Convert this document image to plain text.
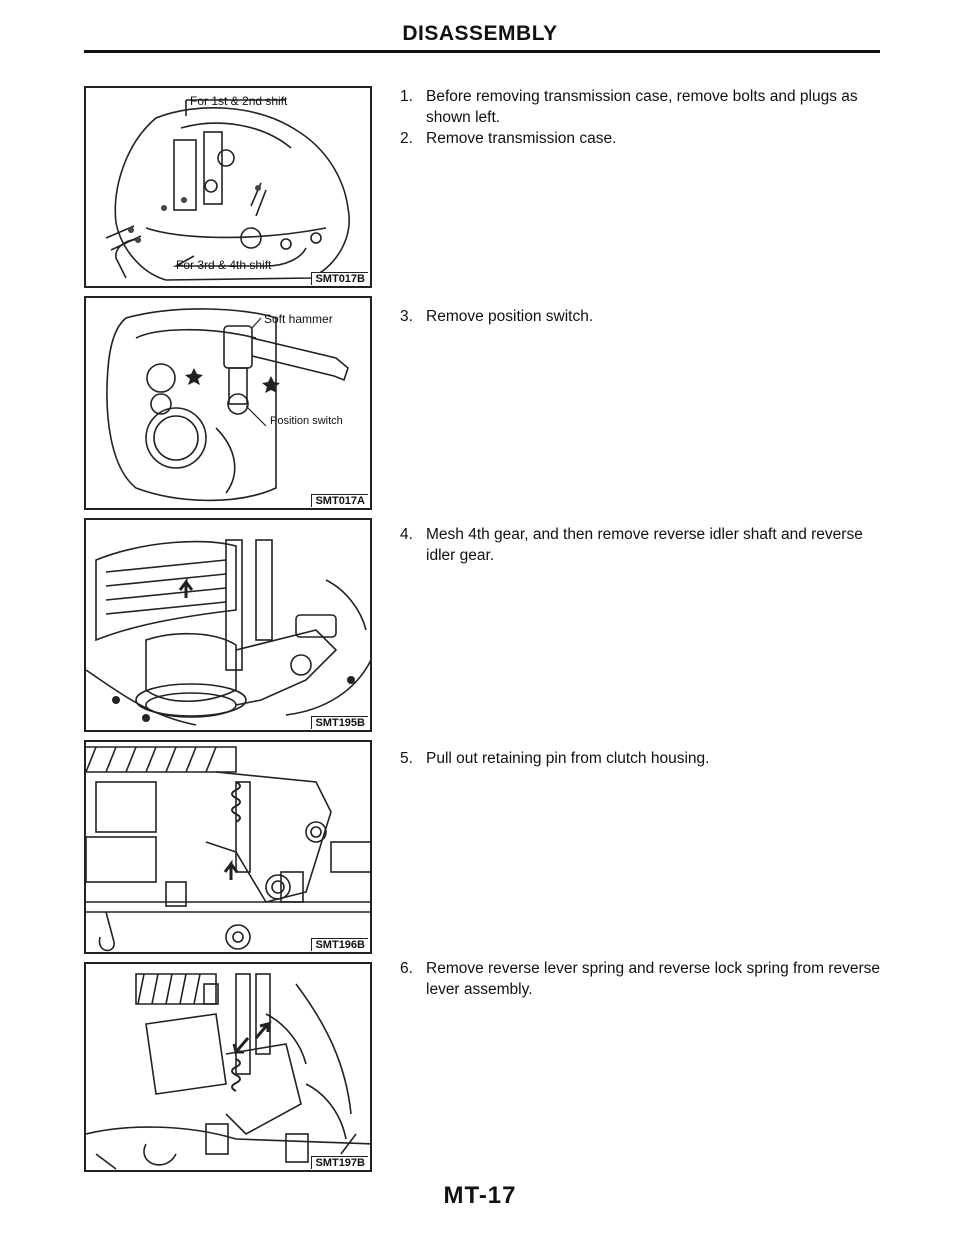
DISASSEMBLY
For 1st & 2nd shift
For 3rd & 4th shift
SMT017B
Soft hammer
Position switch
SMT017A
SMT195B
SMT196B
SMT197B
1. Before removing transmission case, remove bolts and plugs as shown left.
2. Remove transmission case.
3. Remove position switch.
4. Mesh 4th gear, and then remove reverse idler shaft and reverse idler gear.
5. Pull out retaining pin from clutch housing.
6. Remove reverse lever spring and reverse lock spring from reverse lever assembly.
MT-17
